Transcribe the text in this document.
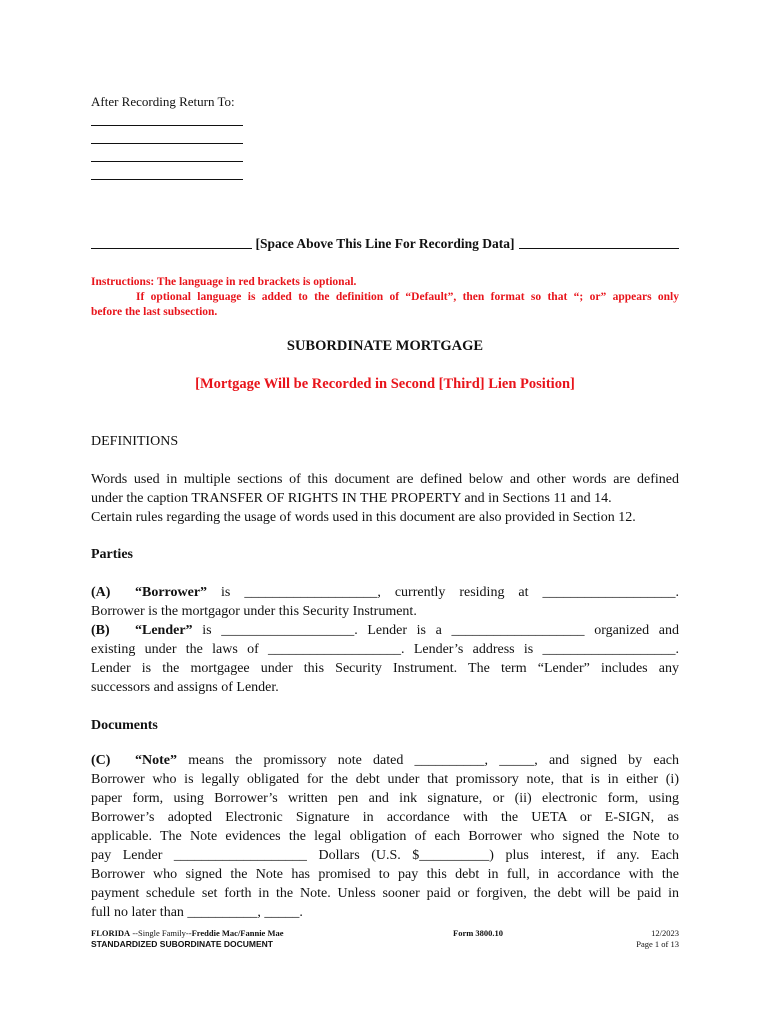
After Recording Return To:
[Space Above This Line For Recording Data]
Instructions: The language in red brackets is optional.
If optional language is added to the definition of “Default”, then format so that “; or” appears only
before the last subsection.
SUBORDINATE MORTGAGE
[Mortgage Will be Recorded in Second [Third] Lien Position]
DEFINITIONS
Words used in multiple sections of this document are defined below and other words are defined
under the caption TRANSFER OF RIGHTS IN THE PROPERTY and in Sections 11 and 14.
Certain rules regarding the usage of words used in this document are also provided in Section 12.
Parties
(A) “Borrower” is ___________________, currently residing at ___________________.
Borrower is the mortgagor under this Security Instrument.
(B) “Lender” is ___________________. Lender is a ___________________ organized and
existing under the laws of ___________________. Lender’s address is ___________________.
Lender is the mortgagee under this Security Instrument. The term “Lender” includes any
successors and assigns of Lender.
Documents
(C) “Note” means the promissory note dated __________, _____, and signed by each
Borrower who is legally obligated for the debt under that promissory note, that is in either (i)
paper form, using Borrower’s written pen and ink signature, or (ii) electronic form, using
Borrower’s adopted Electronic Signature in accordance with the UETA or E-SIGN, as
applicable. The Note evidences the legal obligation of each Borrower who signed the Note to
pay Lender ___________________ Dollars (U.S. $__________) plus interest, if any. Each
Borrower who signed the Note has promised to pay this debt in full, in accordance with the
payment schedule set forth in the Note. Unless sooner paid or forgiven, the debt will be paid in
full no later than __________, _____.
FLORIDA --Single Family--Freddie Mac/Fannie Mae
STANDARDIZED SUBORDINATE DOCUMENT
Form 3800.10	12/2023
Page 1 of 13
